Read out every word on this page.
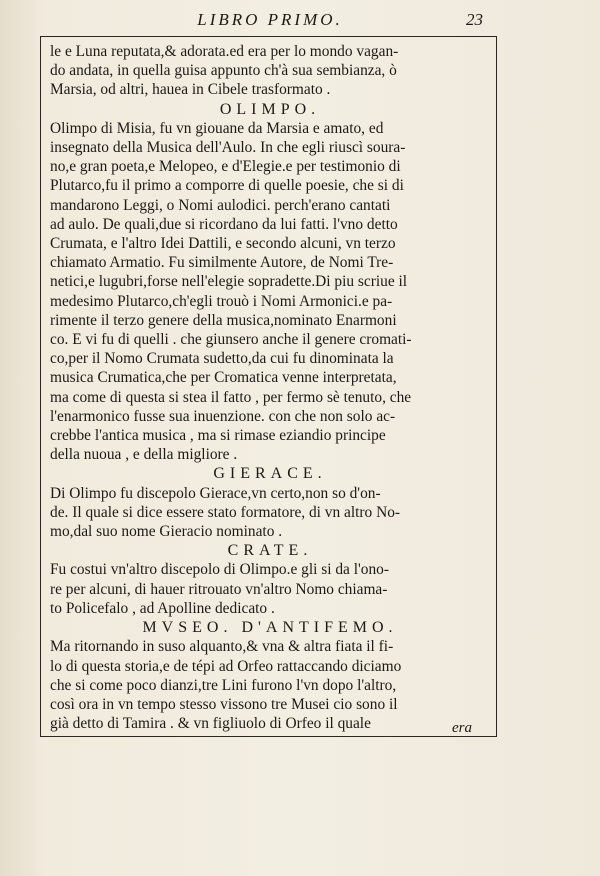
LIBRO PRIMO.	23
le e Luna reputata,& adorata.ed era per lo mondo vagan-
do andata, in quella guisa appunto ch'à sua sembianza, ò
Marsia, od altri, hauea in Cibele trasformato .
OLIMPO.
Olimpo di Misia, fu vn giouane da Marsia e amato, ed
insegnato della Musica dell'Aulo. In che egli riuscì soura-
no,e gran poeta,e Melopeo, e d'Elegie.e per testimonio di
Plutarco,fu il primo a comporre di quelle poesie, che si di
mandarono Leggi, o Nomi aulodici. perch'erano cantati
ad aulo. De quali,due si ricordano da lui fatti. l'vno detto
Crumata, e l'altro Idei Dattili, e secondo alcuni, vn terzo
chiamato Armatio. Fu similmente Autore, de Nomi Tre-
netici,e lugubri,forse nell'elegie sopradette.Di piu scriue il
medesimo Plutarco,ch'egli trouò i Nomi Armonici.e pa-
rimente il terzo genere della musica,nominato Enarmoni
co. E vi fu di quelli . che giunsero anche il genere cromati-
co,per il Nomo Crumata sudetto,da cui fu dinominata la
musica Crumatica,che per Cromatica venne interpretata,
ma come di questa si stea il fatto , per fermo sè tenuto, che
l'enarmonico fusse sua inuenzione. con che non solo ac-
crebbe l'antica musica , ma si rimase eziandio principe
della nuoua , e della migliore .
GIERACE.
Di Olimpo fu discepolo Gierace,vn certo,non so d'on-
de. Il quale si dice essere stato formatore, di vn altro No-
mo,dal suo nome Gieracio nominato .
CRATE.
Fu costui vn'altro discepolo di Olimpo.e gli si da l'ono-
re per alcuni, di hauer ritrouato vn'altro Nomo chiama-
to Policefalo , ad Apolline dedicato .
MVSEO. D'ANTIFEMO.
Ma ritornando in suso alquanto,& vna & altra fiata il fi-
lo di questa storia,e de tépi ad Orfeo rattaccando diciamo
che si come poco dianzi,tre Lini furono l'vn dopo l'altro,
così ora in vn tempo stesso vissono tre Musei cio sono il
già detto di Tamira . & vn figliuolo di Orfeo il quale	era
